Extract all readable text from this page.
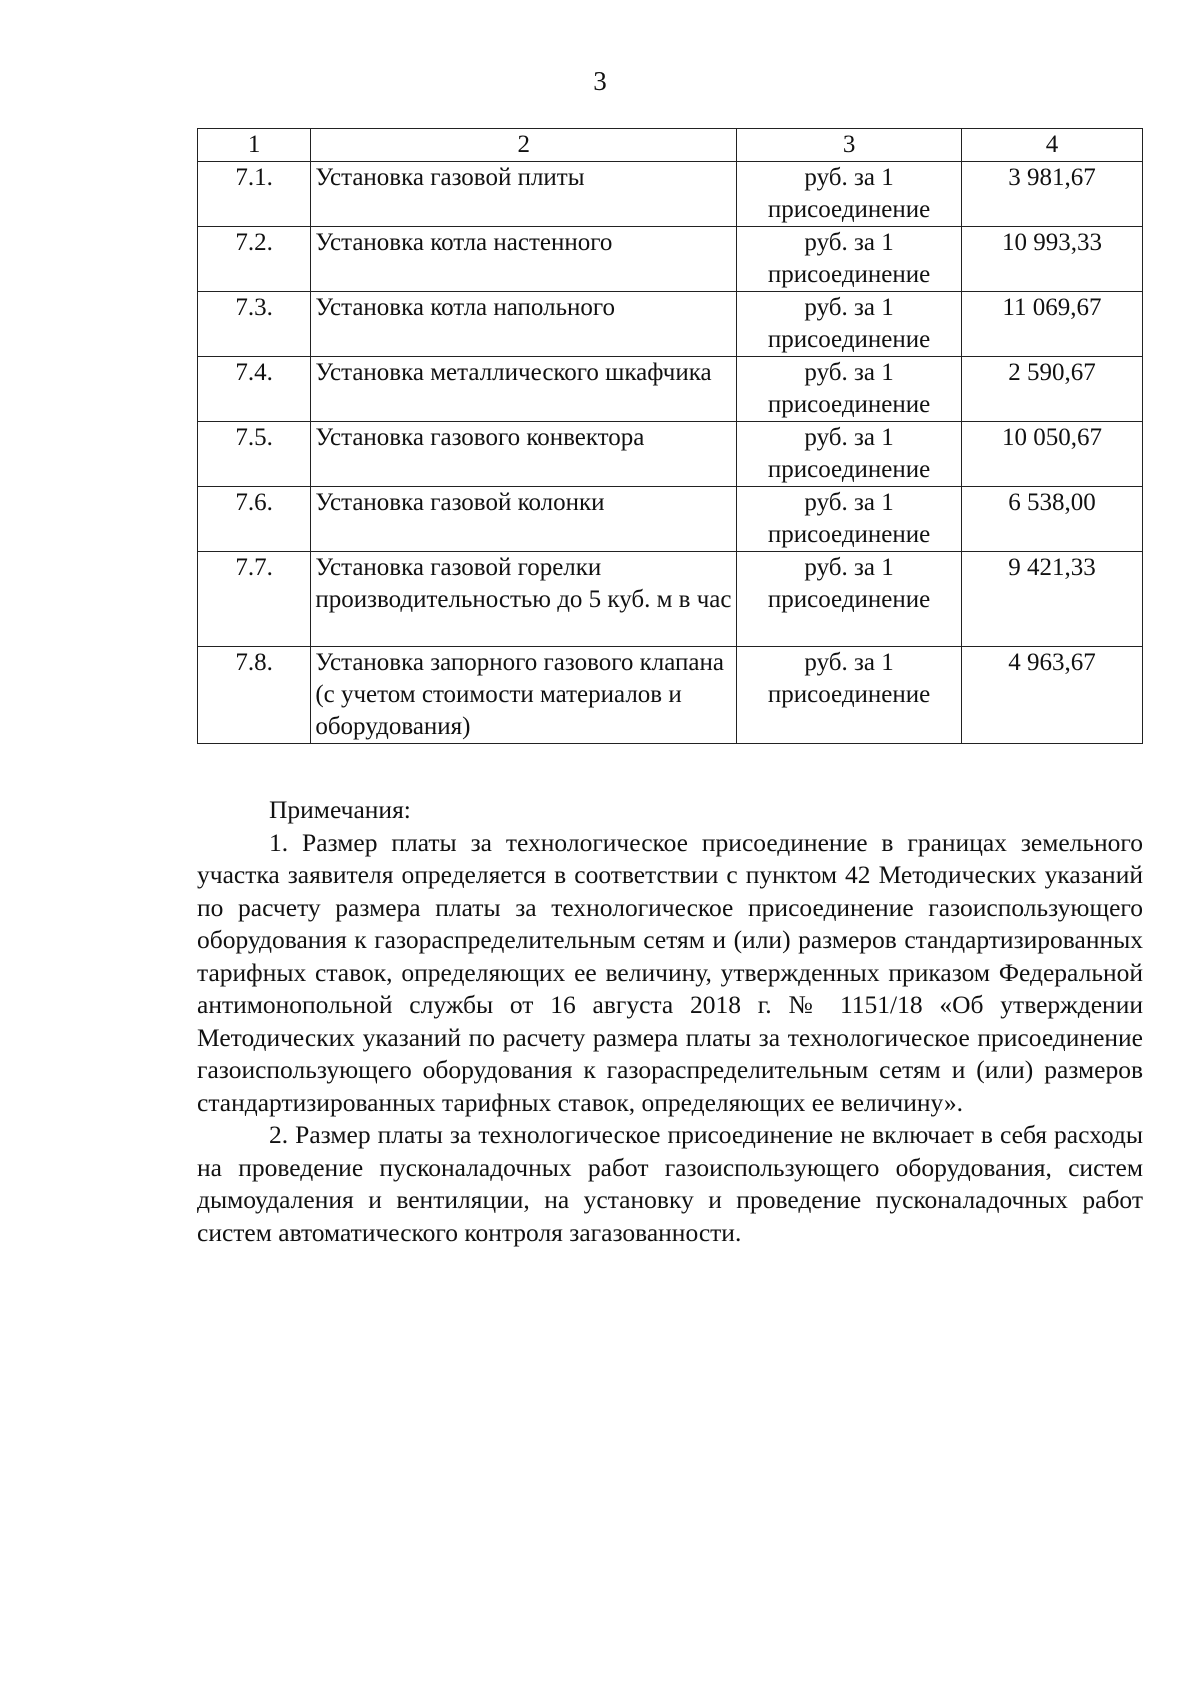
3
1	2	3	4
7.1.	Установка газовой плиты	руб. за 1 присоединение	3 981,67
7.2.	Установка котла настенного	руб. за 1 присоединение	10 993,33
7.3.	Установка котла напольного	руб. за 1 присоединение	11 069,67
7.4.	Установка металлического шкафчика	руб. за 1 присоединение	2 590,67
7.5.	Установка газового конвектора	руб. за 1 присоединение	10 050,67
7.6.	Установка газовой колонки	руб. за 1 присоединение	6 538,00
7.7.	Установка газовой горелки производительностью до 5 куб. м в час	руб. за 1 присоединение	9 421,33
7.8.	Установка запорного газового клапана (с учетом стоимости материалов и оборудования)	руб. за 1 присоединение	4 963,67
Примечания:

1. Размер платы за технологическое присоединение в границах земельного участка заявителя определяется в соответствии с пунктом 42 Методических указаний по расчету размера платы за технологическое присоединение газоиспользующего оборудования к газораспределительным сетям и (или) размеров стандартизированных тарифных ставок, определяющих ее величину, утвержденных приказом Федеральной антимонопольной службы от 16 августа 2018 г. № 1151/18 «Об утверждении Методических указаний по расчету размера платы за технологическое присоединение газоиспользующего оборудования к газораспределительным сетям и (или) размеров стандартизированных тарифных ставок, определяющих ее величину».

2. Размер платы за технологическое присоединение не включает в себя расходы на проведение пусконаладочных работ газоиспользующего оборудования, систем дымоудаления и вентиляции, на установку и проведение пусконаладочных работ систем автоматического контроля загазованности.
